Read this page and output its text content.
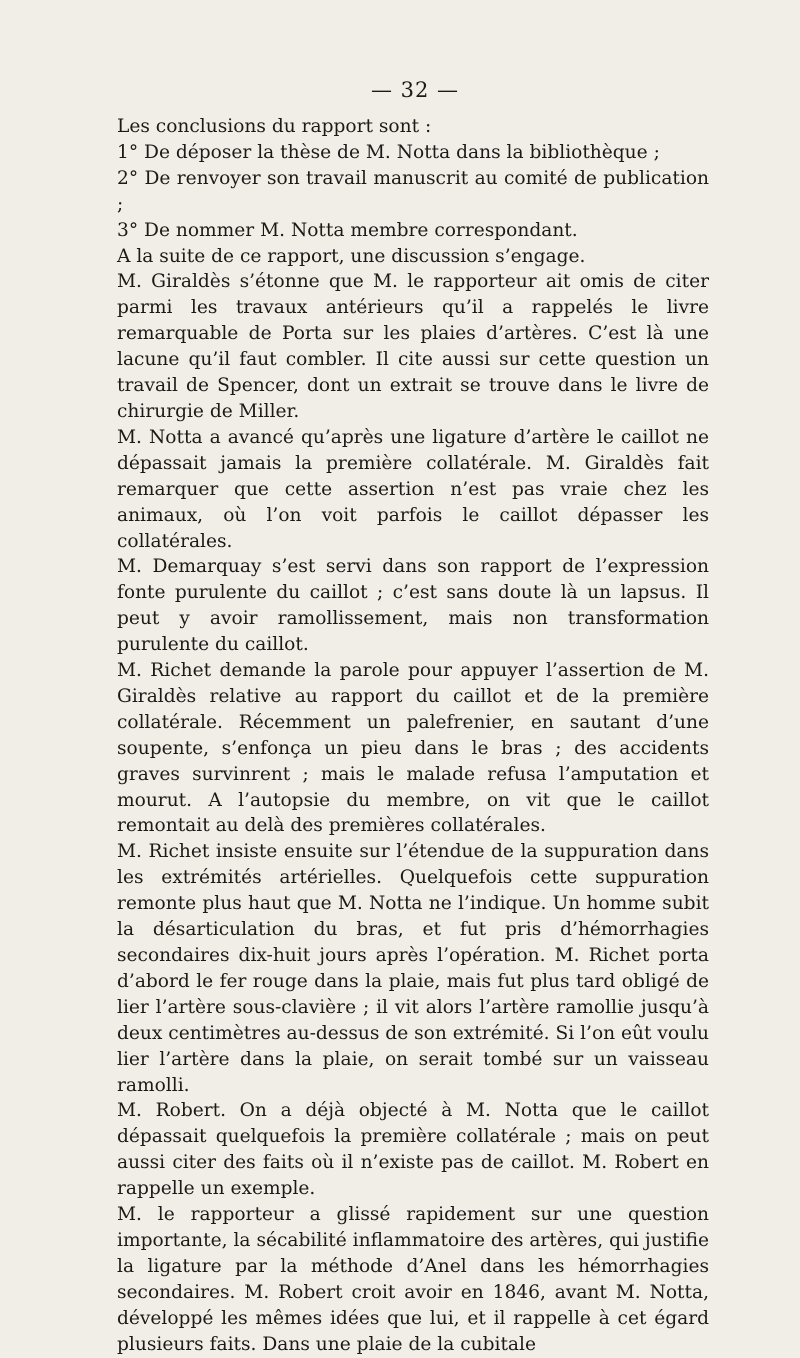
— 32 —

Les conclusions du rapport sont :

1° De déposer la thèse de M. Notta dans la bibliothèque ;

2° De renvoyer son travail manuscrit au comité de publication ;

3° De nommer M. Notta membre correspondant.

A la suite de ce rapport, une discussion s’engage.

M. Giraldès s’étonne que M. le rapporteur ait omis de citer parmi les travaux antérieurs qu’il a rappelés le livre remarquable de Porta sur les plaies d’artères. C’est là une lacune qu’il faut combler. Il cite aussi sur cette question un travail de Spencer, dont un extrait se trouve dans le livre de chirurgie de Miller.

M. Notta a avancé qu’après une ligature d’artère le caillot ne dépassait jamais la première collatérale. M. Giraldès fait remarquer que cette assertion n’est pas vraie chez les animaux, où l’on voit parfois le caillot dépasser les collatérales.

M. Demarquay s’est servi dans son rapport de l’expression fonte purulente du caillot ; c’est sans doute là un lapsus. Il peut y avoir ramollissement, mais non transformation purulente du caillot.

M. Richet demande la parole pour appuyer l’assertion de M. Giraldès relative au rapport du caillot et de la première collatérale. Récemment un palefrenier, en sautant d’une soupente, s’enfonça un pieu dans le bras ; des accidents graves survinrent ; mais le malade refusa l’amputation et mourut. A l’autopsie du membre, on vit que le caillot remontait au delà des premières collatérales.

M. Richet insiste ensuite sur l’étendue de la suppuration dans les extrémités artérielles. Quelquefois cette suppuration remonte plus haut que M. Notta ne l’indique. Un homme subit la désarticulation du bras, et fut pris d’hémorrhagies secondaires dix-huit jours après l’opération. M. Richet porta d’abord le fer rouge dans la plaie, mais fut plus tard obligé de lier l’artère sous-clavière ; il vit alors l’artère ramollie jusqu’à deux centimètres au-dessus de son extrémité. Si l’on eût voulu lier l’artère dans la plaie, on serait tombé sur un vaisseau ramolli.

M. Robert. On a déjà objecté à M. Notta que le caillot dépassait quelquefois la première collatérale ; mais on peut aussi citer des faits où il n’existe pas de caillot. M. Robert en rappelle un exemple.

M. le rapporteur a glissé rapidement sur une question importante, la sécabilité inflammatoire des artères, qui justifie la ligature par la méthode d’Anel dans les hémorrhagies secondaires. M. Robert croit avoir en 1846, avant M. Notta, développé les mêmes idées que lui, et il rappelle à cet égard plusieurs faits. Dans une plaie de la cubitale
